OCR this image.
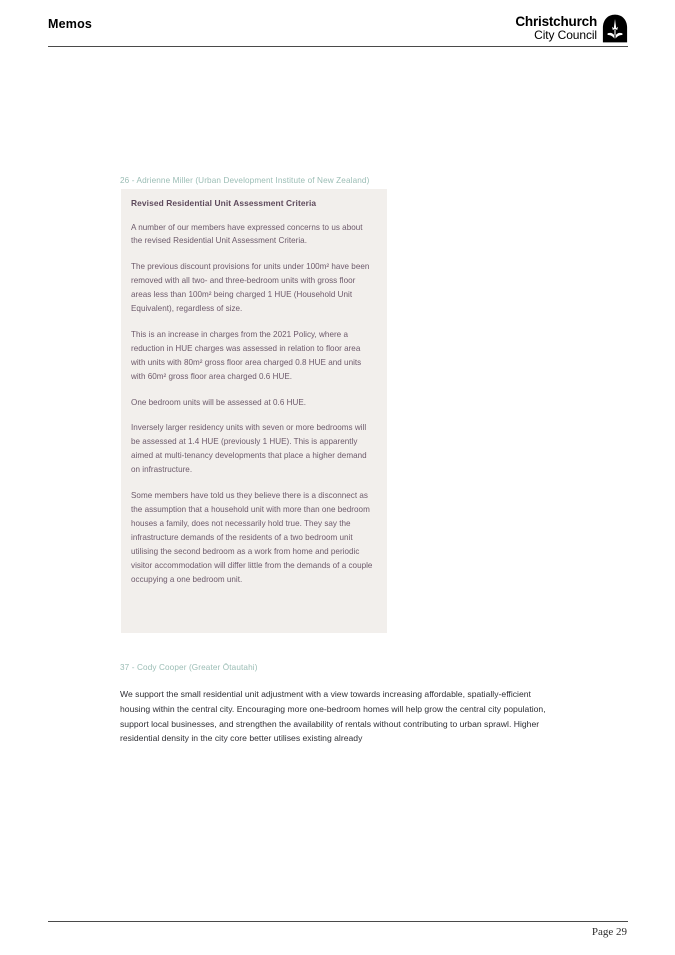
Memos	Christchurch
City Council
26 - Adrienne Miller (Urban Development Institute of New Zealand)

Revised Residential Unit Assessment Criteria

A number of our members have expressed concerns to us about the revised Residential Unit Assessment Criteria.

The previous discount provisions for units under 100m² have been removed with all two- and three-bedroom units with gross floor areas less than 100m² being charged 1 HUE (Household Unit Equivalent), regardless of size.

This is an increase in charges from the 2021 Policy, where a reduction in HUE charges was assessed in relation to floor area with units with 80m² gross floor area charged 0.8 HUE and units with 60m² gross floor area charged 0.6 HUE.

One bedroom units will be assessed at 0.6 HUE.

Inversely larger residency units with seven or more bedrooms will be assessed at 1.4 HUE (previously 1 HUE). This is apparently aimed at multi-tenancy developments that place a higher demand on infrastructure.

Some members have told us they believe there is a disconnect as the assumption that a household unit with more than one bedroom houses a family, does not necessarily hold true. They say the infrastructure demands of the residents of a two bedroom unit utilising the second bedroom as a work from home and periodic visitor accommodation will differ little from the demands of a couple occupying a one bedroom unit.

37 - Cody Cooper (Greater Ōtautahi)

We support the small residential unit adjustment with a view towards increasing affordable, spatially-efficient housing within the central city. Encouraging more one-bedroom homes will help grow the central city population, support local businesses, and strengthen the availability of rentals without contributing to urban sprawl. Higher residential density in the city core better utilises existing already

Page 29
